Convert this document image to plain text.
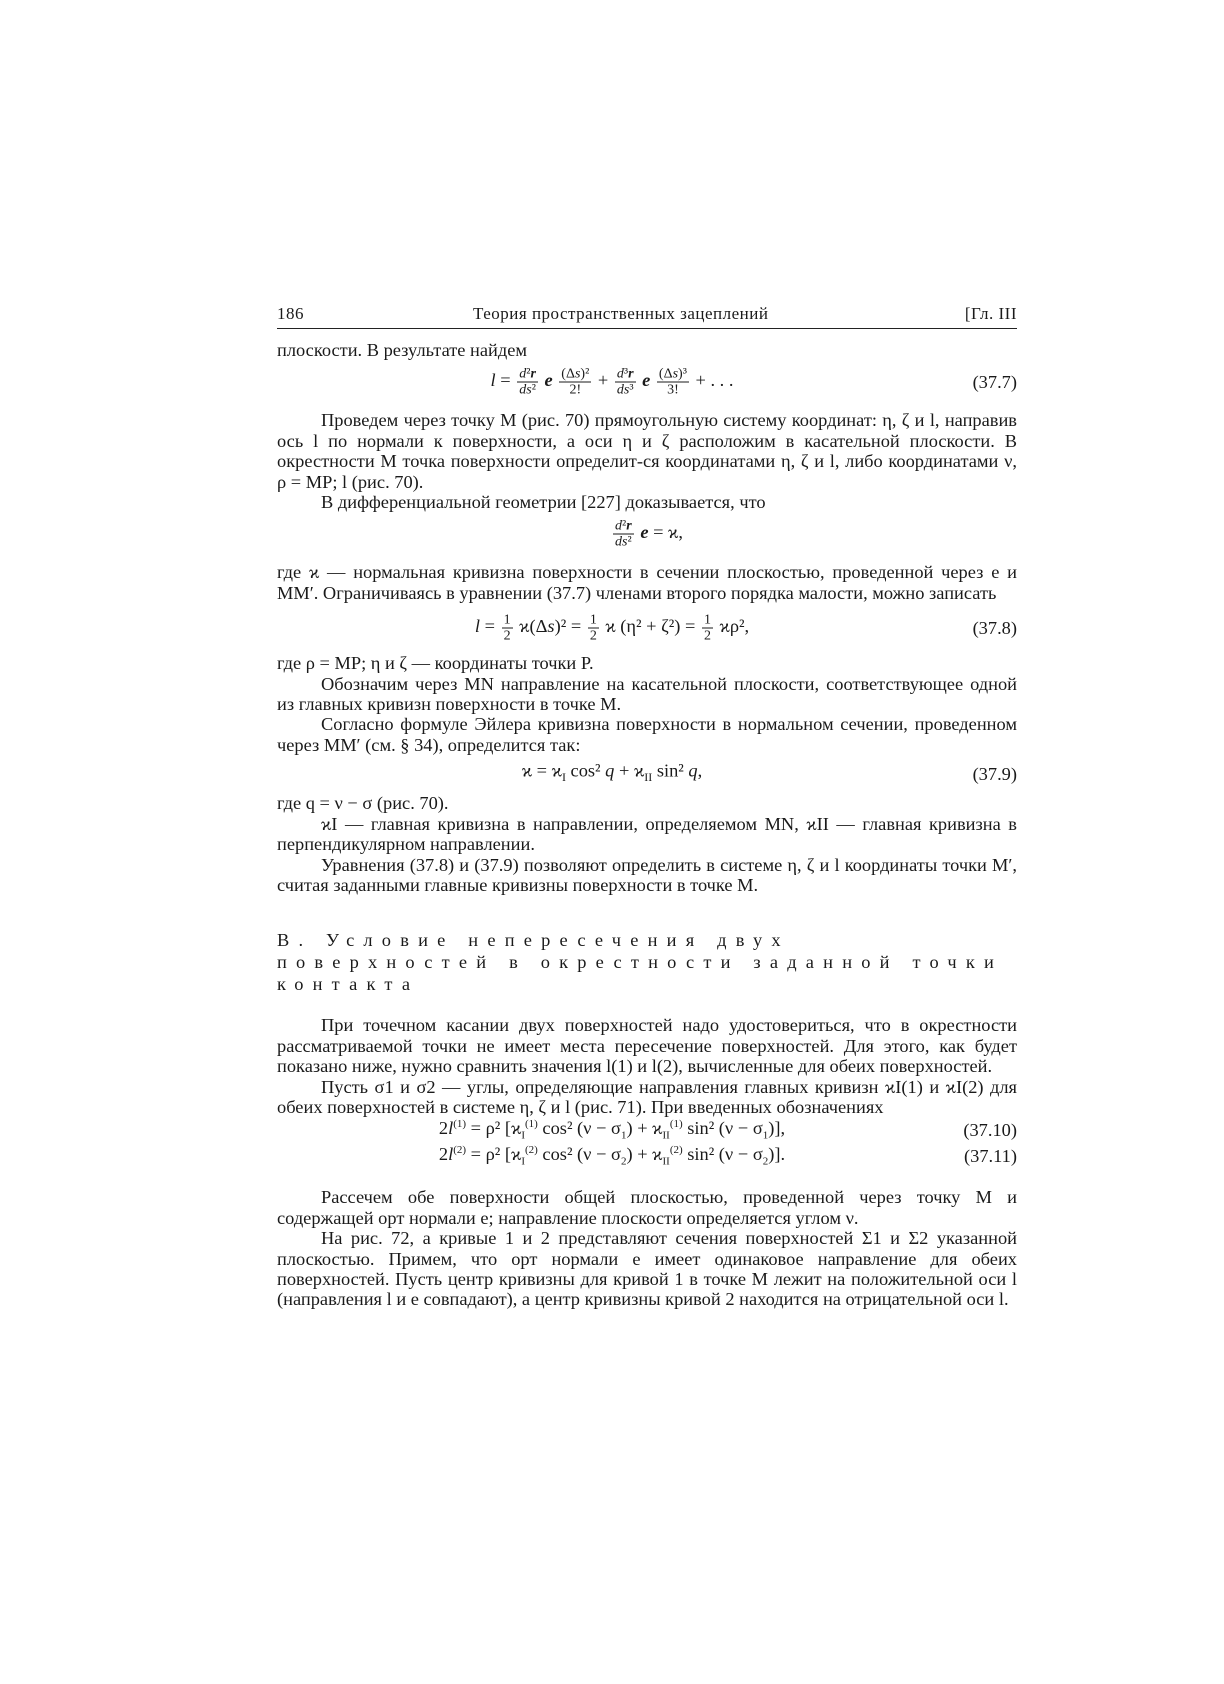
186	Теория пространственных зацеплений	[Гл. III

плоскости. В результате найдем

$l = \frac{\text{d²r}}{\text{ds²}}$ e $\frac{\text{(Δs)²}}{2!} + \frac{\text{d³r}}{\text{ds³}}$ e $\frac{\text{(Δs)³}}{3!}$ + . . .	(37.7)

Проведем через точку M (рис. 70) прямоугольную систему координат: η, ζ и l, направив ось l по нормали к поверхности, а оси η и ζ расположим в касательной плоскости. В окрестности M точка поверхности определит-ся координатами η, ζ и l, либо координатами ν, ρ = MP; l (рис. 70).

В дифференциальной геометрии [227] доказывается, что

$\frac{\text{d²r}}{\text{ds²}}$ e = ϰ,

где ϰ — нормальная кривизна поверхности в сечении плоскостью, проведенной через e и MM′. Ограничиваясь в уравнении (37.7) членами второго порядка малости, можно записать

$l = \frac{1}{2} ϰ(\Delta s)^2 = \frac{1}{2}$ ϰ $(\eta^2 + \zeta^2) = \frac{1}{2} ϰ\rho^2$,	(37.8)

где ρ = MP; η и ζ — координаты точки P.

Обозначим через MN направление на касательной плоскости, соответствующее одной из главных кривизн поверхности в точке M.

Согласно формуле Эйлера кривизна поверхности в нормальном сечении, проведенном через MM′ (см. § 34), определится так:

$ϰ = ϰ_I$ cos² $q + ϰ_{II}$ sin² q,	(37.9)

где q = ν − σ (рис. 70).

ϰI — главная кривизна в направлении, определяемом MN, ϰII — главная кривизна в перпендикулярном направлении.

Уравнения (37.8) и (37.9) позволяют определить в системе η, ζ и l координаты точки M′, считая заданными главные кривизны поверхности в точке M.

В. Условие непересечения двух поверхностей в окрестности заданной точки контакта

При точечном касании двух поверхностей надо удостовериться, что в окрестности рассматриваемой точки не имеет места пересечение поверхностей. Для этого, как будет показано ниже, нужно сравнить значения l(1) и l(2), вычисленные для обеих поверхностей.

Пусть σ1 и σ2 — углы, определяющие направления главных кривизн ϰI(1) и ϰI(2) для обеих поверхностей в системе η, ζ и l (рис. 71). При введенных обозначениях

$2l^{(1)} = \rho^2$ [$ϰ_I^{(1)}$ cos² $(\nu - \sigma_1) + ϰ_{II}^{(1)}$ sin² $(\nu - \sigma_1)$],	(37.10)
$2l^{(2)} = \rho^2$ [$ϰ_I^{(2)}$ cos² $(\nu - \sigma_2) + ϰ_{II}^{(2)}$ sin² $(\nu - \sigma_2)$].	(37.11)

Рассечем обе поверхности общей плоскостью, проведенной через точку M и содержащей орт нормали e; направление плоскости определяется углом ν.

На рис. 72, a кривые 1 и 2 представляют сечения поверхностей Σ1 и Σ2 указанной плоскостью. Примем, что орт нормали e имеет одинаковое направление для обеих поверхностей. Пусть центр кривизны для кривой 1 в точке M лежит на положительной оси l (направления l и e совпадают), а центр кривизны кривой 2 находится на отрицательной оси l.
